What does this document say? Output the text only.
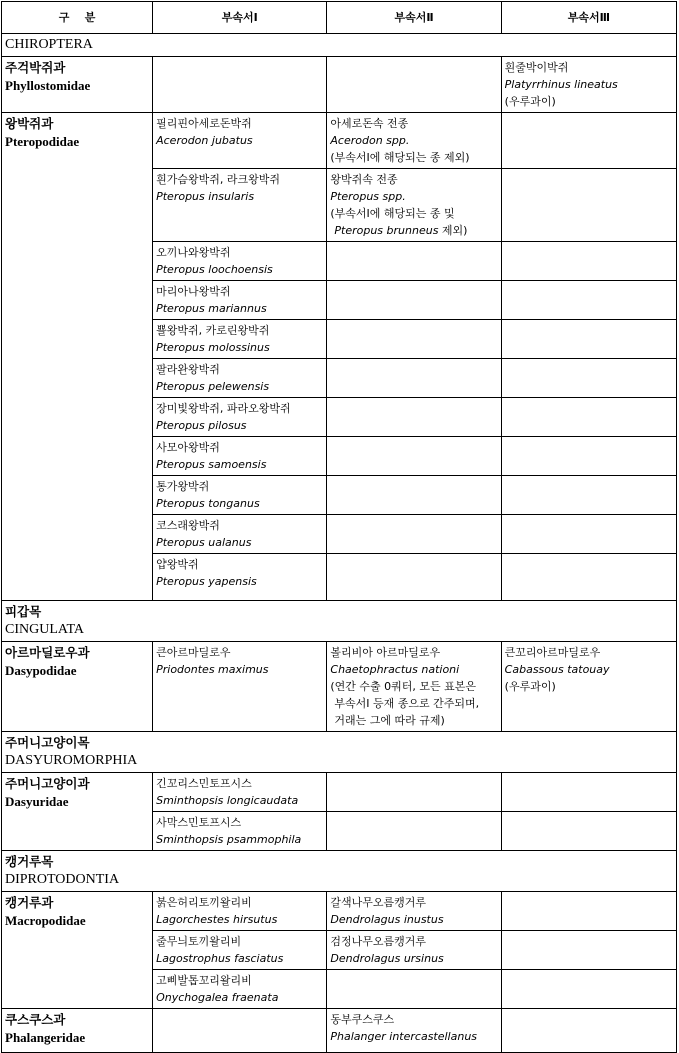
구    분	부속서Ⅰ	부속서Ⅱ	부속서Ⅲ
CHIROPTERA			

주걱박쥐과
Phyllostomidae			흰줄박이박쥐
Platyrrhinus lineatus
(우루과이)

왕박쥐과
Pteropodidae	필리핀아세로돈박쥐
Acerodon jubatus	아세로돈속 전종
Acerodon spp.
(부속서Ⅰ에 해당되는 종 제외)	

	흰가슴왕박쥐, 라크왕박쥐
Pteropus insularis	왕박쥐속 전종
Pteropus spp.
(부속서Ⅰ에 해당되는 종 및
Pteropus brunneus 제외)	

	오끼나와왕박쥐
Pteropus loochoensis		

	마리아나왕박쥐
Pteropus mariannus		

	뾸왕박쥐, 카로린왕박쥐
Pteropus molossinus		

	팔라완왕박쥐
Pteropus pelewensis		

	장미빛왕박쥐, 파라오왕박쥐
Pteropus pilosus		

	사모아왕박쥐
Pteropus samoensis		

	통가왕박쥐
Pteropus tonganus		

	코스래왕박쥐
Pteropus ualanus		

	얍왕박쥐
Pteropus yapensis		

피갑목
CINGULATA			

아르마딜로우과
Dasypodidae	큰아르마딜로우
Priodontes maximus	볼리비아 아르마딜로우
Chaetophractus nationi
(연간 수출 0쿼터, 모든 표본은
부속서Ⅰ 등재 종으로 간주되며,
거래는 그에 따라 규제)	큰꼬리아르마딜로우
Cabassous tatouay
(우루과이)

주머니고양이목
DASYUROMORPHIA			

주머니고양이과
Dasyuridae	긴꼬리스민토프시스
Sminthopsis longicaudata		

	사막스민토프시스
Sminthopsis psammophila		

캥거루목
DIPROTODONTIA			

캥거루과
Macropodidae	붉은허리토끼왈리비
Lagorchestes hirsutus	갈색나무오름캥거루
Dendrolagus inustus	

	줄무늬토끼왈리비
Lagostrophus fasciatus	검정나무오름캥거루
Dendrolagus ursinus	

	고삐발톱꼬리왈리비
Onychogalea fraenata		

쿠스쿠스과
Phalangeridae		동부쿠스쿠스
Phalanger intercastellanus	
